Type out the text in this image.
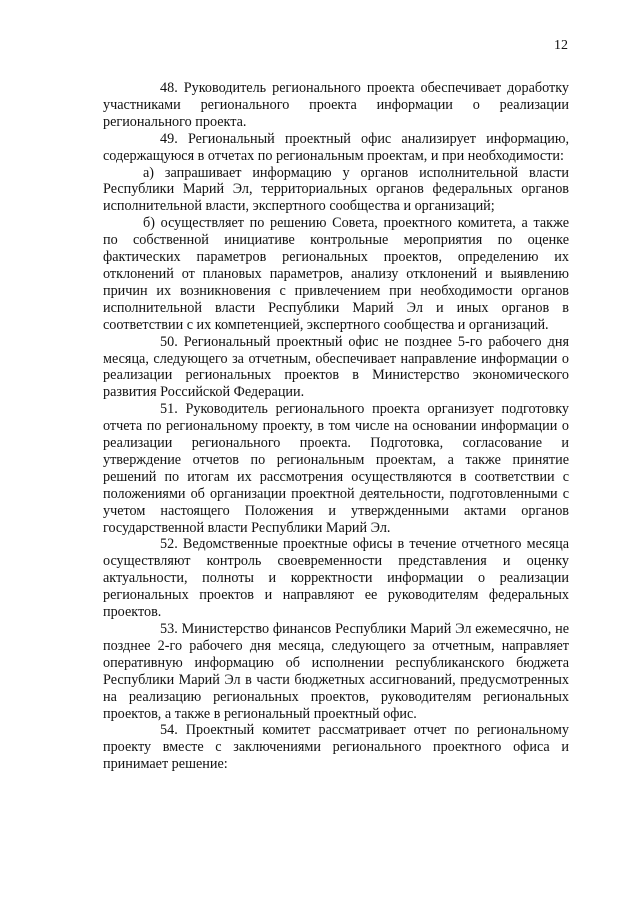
12

48. Руководитель регионального проекта обеспечивает доработку участниками регионального проекта информации о реализации регионального проекта.

49. Региональный проектный офис анализирует информацию, содержащуюся в отчетах по региональным проектам, и при необходимости:

а) запрашивает информацию у органов исполнительной власти Республики Марий Эл, территориальных органов федеральных органов исполнительной власти, экспертного сообщества и организаций;

б) осуществляет по решению Совета, проектного комитета, а также по собственной инициативе контрольные мероприятия по оценке фактических параметров региональных проектов, определению их отклонений от плановых параметров, анализу отклонений и выявлению причин их возникновения с привлечением при необходимости органов исполнительной власти Республики Марий Эл и иных органов в соответствии с их компетенцией, экспертного сообщества и организаций.

50. Региональный проектный офис не позднее 5-го рабочего дня месяца, следующего за отчетным, обеспечивает направление информации о реализации региональных проектов в Министерство экономического развития Российской Федерации.

51. Руководитель регионального проекта организует подготовку отчета по региональному проекту, в том числе на основании информации о реализации регионального проекта. Подготовка, согласование и утверждение отчетов по региональным проектам, а также принятие решений по итогам их рассмотрения осуществляются в соответствии с положениями об организации проектной деятельности, подготовленными с учетом настоящего Положения и утвержденными актами органов государственной власти Республики Марий Эл.

52. Ведомственные проектные офисы в течение отчетного месяца осуществляют контроль своевременности представления и оценку актуальности, полноты и корректности информации о реализации региональных проектов и направляют ее руководителям федеральных проектов.

53. Министерство финансов Республики Марий Эл ежемесячно, не позднее 2-го рабочего дня месяца, следующего за отчетным, направляет оперативную информацию об исполнении республиканского бюджета Республики Марий Эл в части бюджетных ассигнований, предусмотренных на реализацию региональных проектов, руководителям региональных проектов, а также в региональный проектный офис.

54. Проектный комитет рассматривает отчет по региональному проекту вместе с заключениями регионального проектного офиса и принимает решение:
